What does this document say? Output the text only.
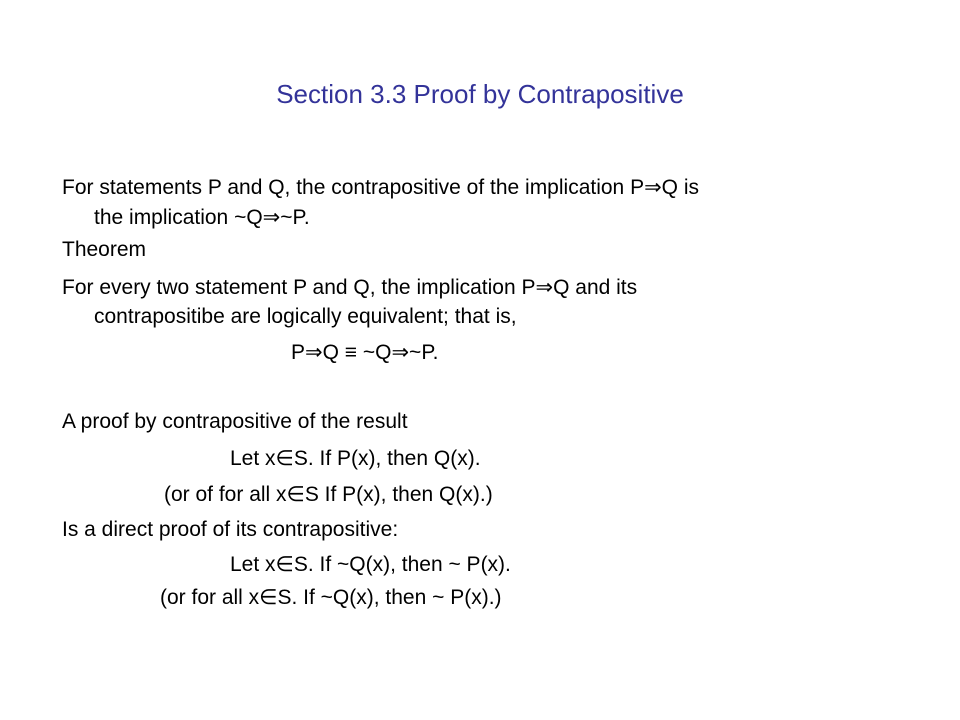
Section 3.3 Proof by Contrapositive
For statements P and Q, the contrapositive of the implication P⇒Q is
the implication ~Q⇒~P.
Theorem
For every two statement P and Q, the implication P⇒Q and its
contrapositibe are logically equivalent; that is,
P⇒Q ≡ ~Q⇒~P.
A proof by contrapositive of the result
Let x∈S. If P(x), then Q(x).
(or of for all x∈S If P(x), then Q(x).)
Is a direct proof of its contrapositive:
Let x∈S. If ~Q(x), then ~ P(x).
(or for all x∈S. If ~Q(x), then ~ P(x).)
